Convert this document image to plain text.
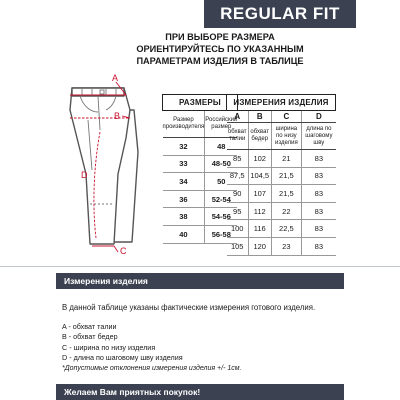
REGULAR FIT
ПРИ ВЫБОРЕ РАЗМЕРА
ОРИЕНТИРУЙТЕСЬ ПО УКАЗАННЫМ
ПАРАМЕТРАМ ИЗДЕЛИЯ В ТАБЛИЦЕ
A
B
D
C
РАЗМЕРЫ	
Размер производителя	Российский размер
32	48
33	48-50
34	50
36	52-54
38	54-56
40	56-58
ИЗМЕРЕНИЯ ИЗДЕЛИЯ			
A	B	C	D
обхват талии	обхват бедер	ширина по низу изделия	длина по шаговому шву
85	102	21	83
87,5	104,5	21,5	83
90	107	21,5	83
95	112	22	83
100	116	22,5	83
105	120	23	83
Измерения изделия
В данной таблице указаны фактические измерения готового изделия.
A - обхват талии
B - обхват бедер
C - ширина по низу изделия
D - длина по шаговому шву изделия
*Допустимые отклонения измерения изделия +/- 1см.
Желаем Вам приятных покупок!
